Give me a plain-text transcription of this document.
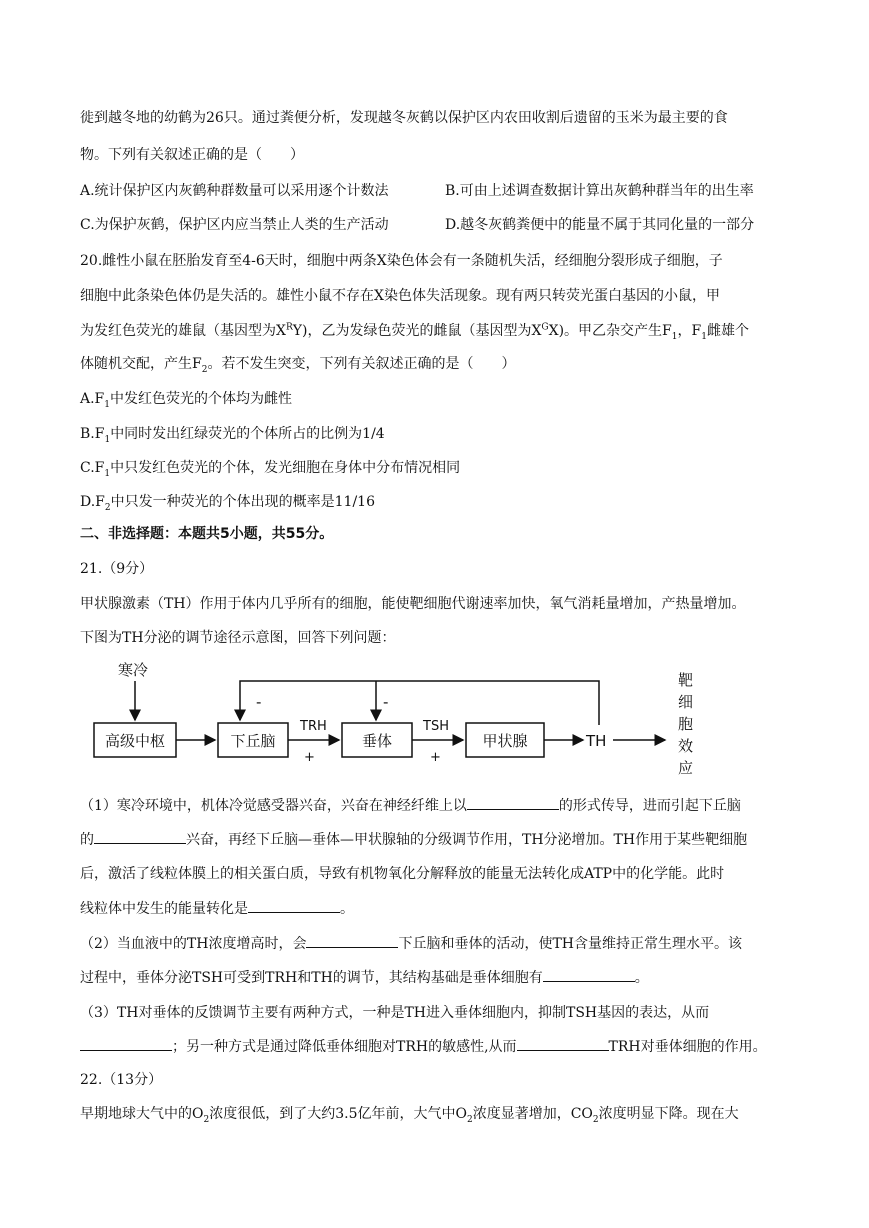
徙到越冬地的幼鹤为26只。通过粪便分析，发现越冬灰鹤以保护区内农田收割后遗留的玉米为最主要的食
物。下列有关叙述正确的是（　　）
A.统计保护区内灰鹤种群数量可以采用逐个计数法	B.可由上述调查数据计算出灰鹤种群当年的出生率
C.为保护灰鹤，保护区内应当禁止人类的生产活动	D.越冬灰鹤粪便中的能量不属于其同化量的一部分
20.雌性小鼠在胚胎发育至4-6天时，细胞中两条X染色体会有一条随机失活，经细胞分裂形成子细胞，子
细胞中此条染色体仍是失活的。雄性小鼠不存在X染色体失活现象。现有两只转荧光蛋白基因的小鼠，甲
为发红色荧光的雄鼠（基因型为$X^RY$)，乙为发绿色荧光的雌鼠（基因型为$X^GX$)。甲乙杂交产生$F_1$，$F_1$雌雄个
体随机交配，产生$F_2$。若不发生突变，下列有关叙述正确的是（　　）
$A.F_1$中发红色荧光的个体均为雌性
$B.F_1$中同时发出红绿荧光的个体所占的比例为1/4
$C.F_1$中只发红色荧光的个体，发光细胞在身体中分布情况相同
$D.F_2$中只发一种荧光的个体出现的概率是11/16
二、非选择题：本题共5小题，共55分。
21.（9分）
甲状腺激素（TH）作用于体内几乎所有的细胞，能使靶细胞代谢速率加快，氧气消耗量增加，产热量增加。
下图为TH分泌的调节途径示意图，回答下列问题：
寒冷
高级中枢	下丘脑
TRH
+
垂体
TSH
+
甲状腺	TH
-	-
靶
细
胞
效
应
（1）寒冷环境中，机体冷觉感受器兴奋，兴奋在神经纤维上以	的形式传导，进而引起下丘脑
的	兴奋，再经下丘脑—垂体—甲状腺轴的分级调节作用，TH分泌增加。TH作用于某些靶细胞
后，激活了线粒体膜上的相关蛋白质，导致有机物氧化分解释放的能量无法转化成ATP中的化学能。此时
线粒体中发生的能量转化是	。
（2）当血液中的TH浓度增高时，会	下丘脑和垂体的活动，使TH含量维持正常生理水平。该
过程中，垂体分泌TSH可受到TRH和TH的调节，其结构基础是垂体细胞有	。
（3）TH对垂体的反馈调节主要有两种方式，一种是TH进入垂体细胞内，抑制TSH基因的表达，从而
；另一种方式是通过降低垂体细胞对TRH的敏感性,从而	TRH对垂体细胞的作用。
22.（13分）
早期地球大气中的$O_2$浓度很低，到了大约3.5亿年前，大气中$O_2$浓度显著增加，$CO_2$浓度明显下降。现在大
